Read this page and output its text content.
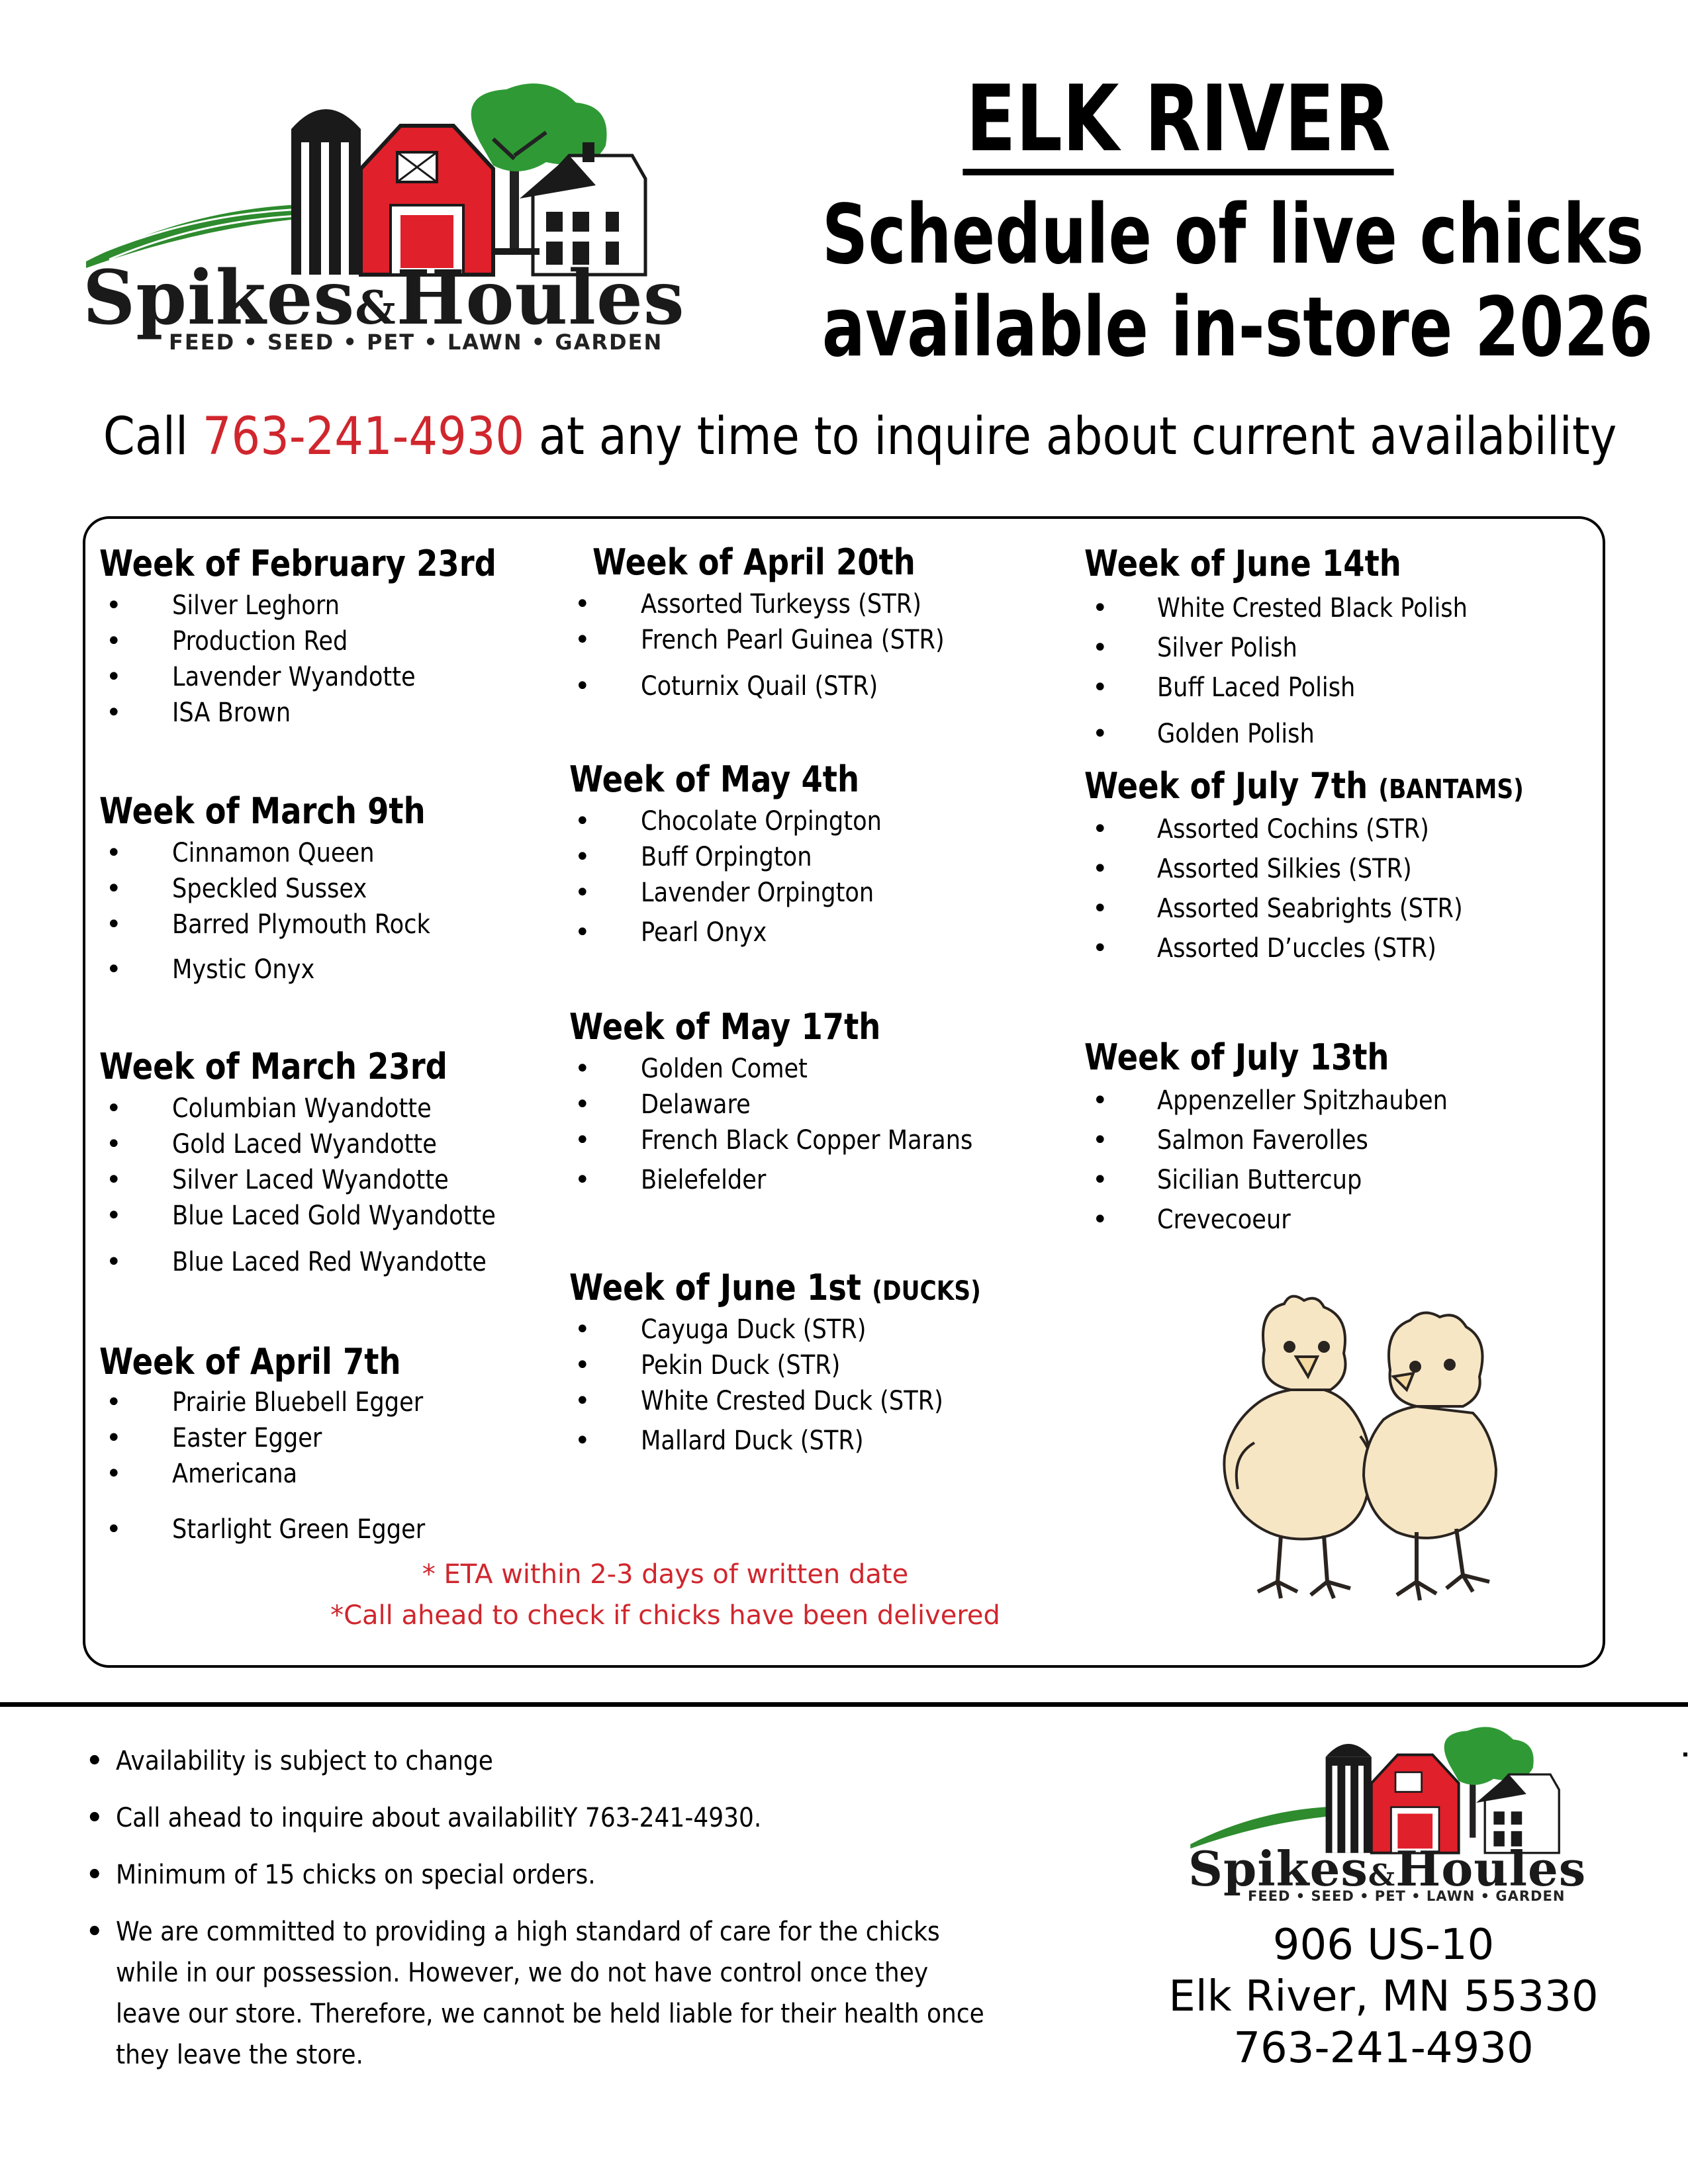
Spikes&Houles
FEED • SEED • PET • LAWN • GARDEN
ELK RIVER
Schedule of live chicks
available in-store 2026
Call 763-241-4930 at any time to inquire about current availability
Week of February 23rd
• Silver Leghorn
• Production Red
• Lavender Wyandotte
• ISA Brown
Week of March 9th
• Cinnamon Queen
• Speckled Sussex
• Barred Plymouth Rock
• Mystic Onyx
Week of March 23rd
• Columbian Wyandotte
• Gold Laced Wyandotte
• Silver Laced Wyandotte
• Blue Laced Gold Wyandotte
• Blue Laced Red Wyandotte
Week of April 7th
• Prairie Bluebell Egger
• Easter Egger
• Americana
• Starlight Green Egger
Week of April 20th
• Assorted Turkeyss (STR)
• French Pearl Guinea (STR)
• Coturnix Quail (STR)
Week of May 4th
• Chocolate Orpington
• Buff Orpington
• Lavender Orpington
• Pearl Onyx
Week of May 17th
• Golden Comet
• Delaware
• French Black Copper Marans
• Bielefelder
Week of June 1st (DUCKS)
• Cayuga Duck (STR)
• Pekin Duck (STR)
• White Crested Duck (STR)
• Mallard Duck (STR)
Week of June 14th
• White Crested Black Polish
• Silver Polish
• Buff Laced Polish
• Golden Polish
Week of July 7th (BANTAMS)
• Assorted Cochins (STR)
• Assorted Silkies (STR)
• Assorted Seabrights (STR)
• Assorted D’uccles (STR)
Week of July 13th
• Appenzeller Spitzhauben
• Salmon Faverolles
• Sicilian Buttercup
• Crevecoeur
* ETA within 2-3 days of written date
*Call ahead to check if chicks have been delivered
• Availability is subject to change
• Call ahead to inquire about availabilitY 763-241-4930.
• Minimum of 15 chicks on special orders.
• We are committed to providing a high standard of care for the chicks while in our possession. However, we do not have control once they leave our store. Therefore, we cannot be held liable for their health once they leave the store.
Spikes&Houles
FEED • SEED • PET • LAWN • GARDEN
906 US-10
Elk River, MN 55330
763-241-4930
